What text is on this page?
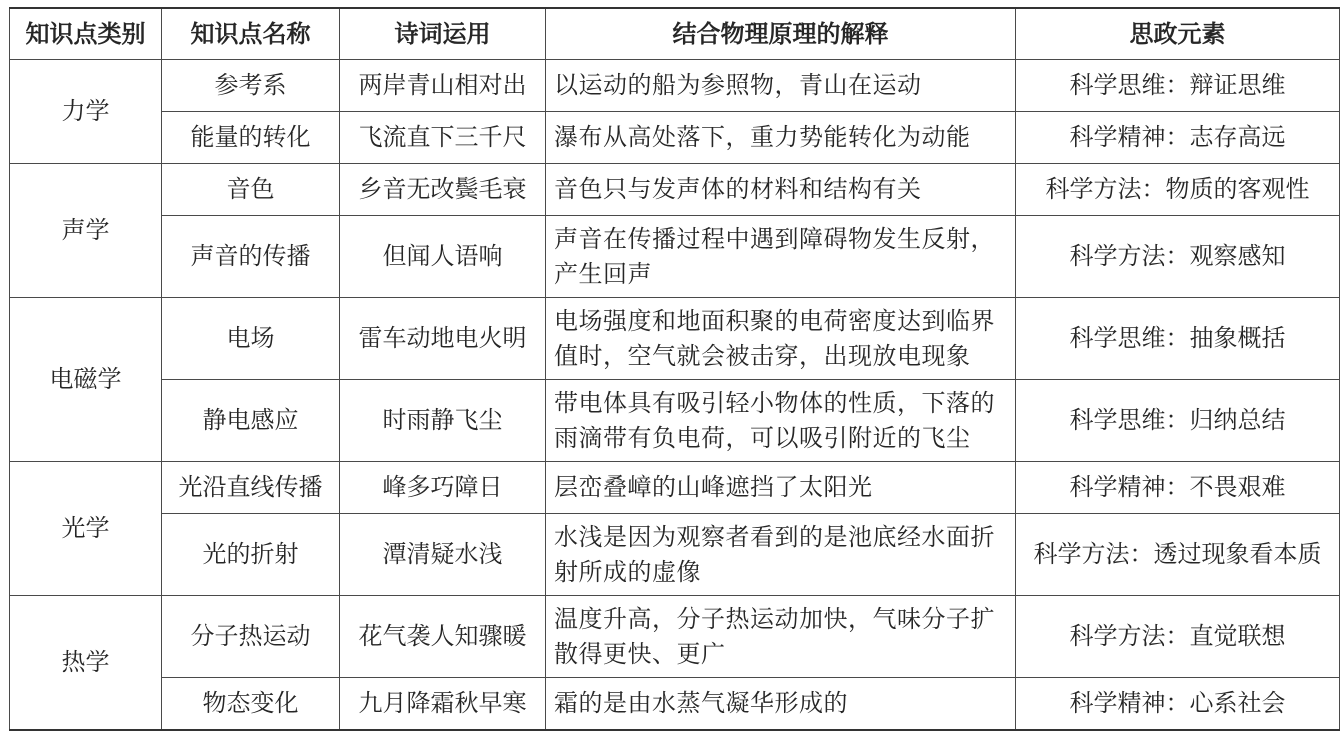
知识点类别	知识点名称	诗词运用	结合物理原理的解释	思政元素
力学	参考系	两岸青山相对出	以运动的船为参照物，青山在运动	科学思维：辩证思维
	能量的转化	飞流直下三千尺	瀑布从高处落下，重力势能转化为动能	科学精神：志存高远
声学	音色	乡音无改鬓毛衰	音色只与发声体的材料和结构有关	科学方法：物质的客观性
	声音的传播	但闻人语响	声音在传播过程中遇到障碍物发生反射，产生回声	科学方法：观察感知
电磁学	电场	雷车动地电火明	电场强度和地面积聚的电荷密度达到临界值时，空气就会被击穿，出现放电现象	科学思维：抽象概括
	静电感应	时雨静飞尘	带电体具有吸引轻小物体的性质，下落的雨滴带有负电荷，可以吸引附近的飞尘	科学思维：归纳总结
光学	光沿直线传播	峰多巧障日	层峦叠嶂的山峰遮挡了太阳光	科学精神：不畏艰难
	光的折射	潭清疑水浅	水浅是因为观察者看到的是池底经水面折射所成的虚像	科学方法：透过现象看本质
热学	分子热运动	花气袭人知骤暖	温度升高，分子热运动加快，气味分子扩散得更快、更广	科学方法：直觉联想
	物态变化	九月降霜秋早寒	霜的是由水蒸气凝华形成的	科学精神：心系社会
